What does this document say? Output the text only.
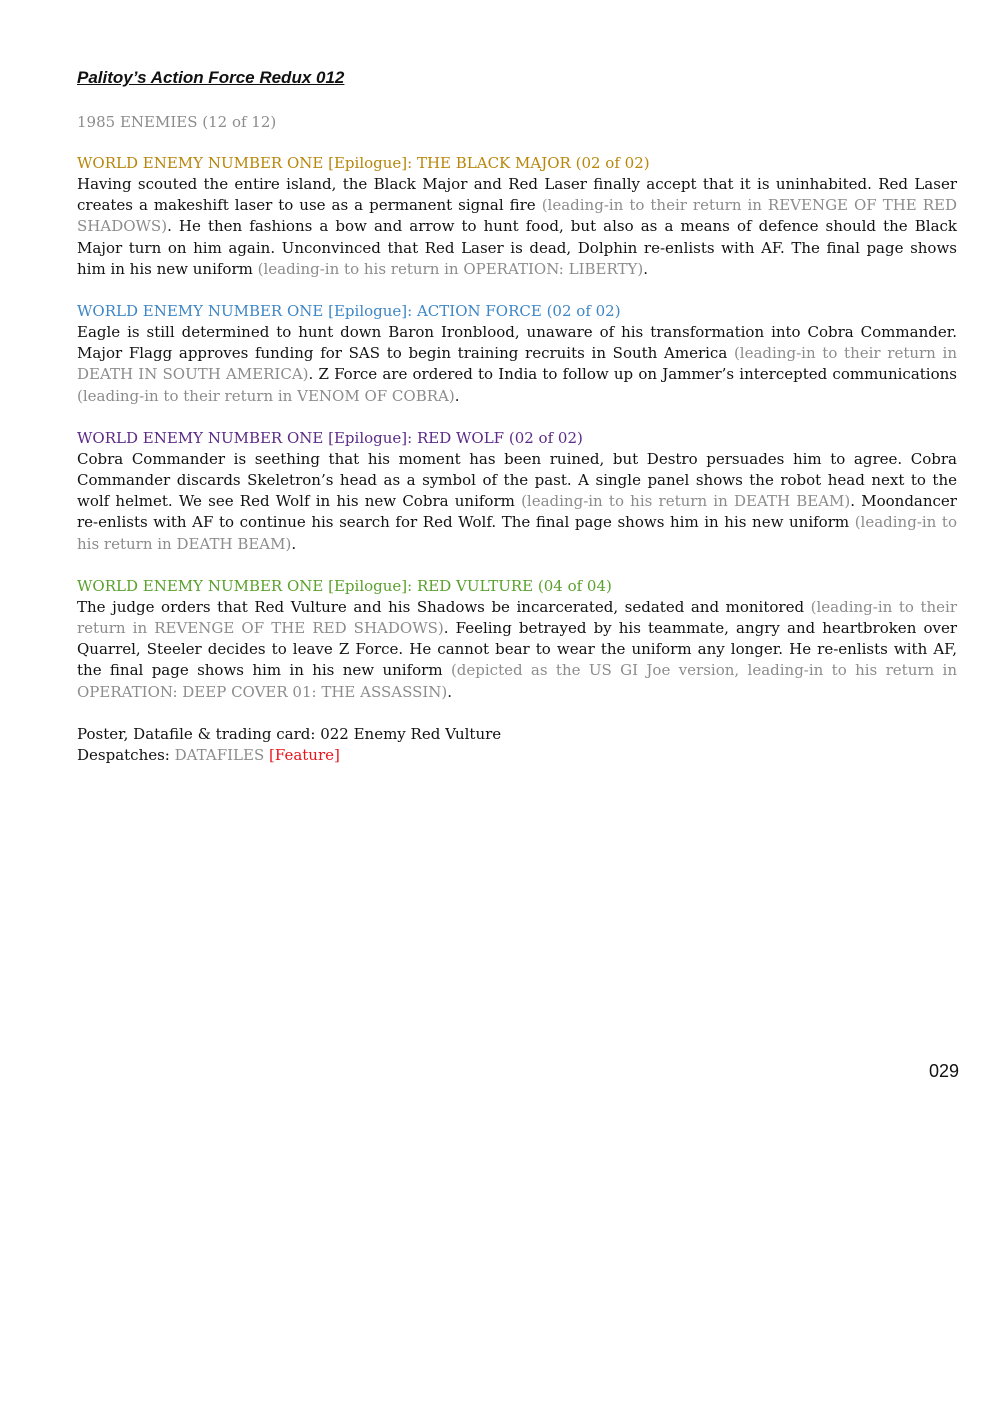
Palitoy’s Action Force Redux 012
1985 ENEMIES (12 of 12)
WORLD ENEMY NUMBER ONE [Epilogue]: THE BLACK MAJOR (02 of 02)

Having scouted the entire island, the Black Major and Red Laser finally accept that it is uninhabited. Red Laser creates a makeshift laser to use as a permanent signal fire (leading-in to their return in REVENGE OF THE RED SHADOWS). He then fashions a bow and arrow to hunt food, but also as a means of defence should the Black Major turn on him again. Unconvinced that Red Laser is dead, Dolphin re-enlists with AF. The final page shows him in his new uniform (leading-in to his return in OPERATION: LIBERTY).

WORLD ENEMY NUMBER ONE [Epilogue]: ACTION FORCE (02 of 02)

Eagle is still determined to hunt down Baron Ironblood, unaware of his transformation into Cobra Commander. Major Flagg approves funding for SAS to begin training recruits in South America (leading-in to their return in DEATH IN SOUTH AMERICA). Z Force are ordered to India to follow up on Jammer’s intercepted communications (leading-in to their return in VENOM OF COBRA).

WORLD ENEMY NUMBER ONE [Epilogue]: RED WOLF (02 of 02)

Cobra Commander is seething that his moment has been ruined, but Destro persuades him to agree. Cobra Commander discards Skeletron’s head as a symbol of the past. A single panel shows the robot head next to the wolf helmet. We see Red Wolf in his new Cobra uniform (leading-in to his return in DEATH BEAM). Moondancer re-enlists with AF to continue his search for Red Wolf. The final page shows him in his new uniform (leading-in to his return in DEATH BEAM).

WORLD ENEMY NUMBER ONE [Epilogue]: RED VULTURE (04 of 04)

The judge orders that Red Vulture and his Shadows be incarcerated, sedated and monitored (leading-in to their return in REVENGE OF THE RED SHADOWS). Feeling betrayed by his teammate, angry and heartbroken over Quarrel, Steeler decides to leave Z Force. He cannot bear to wear the uniform any longer. He re-enlists with AF, the final page shows him in his new uniform (depicted as the US GI Joe version, leading-in to his return in OPERATION: DEEP COVER 01: THE ASSASSIN).

Poster, Datafile & trading card: 022 Enemy Red Vulture

Despatches: DATAFILES [Feature]

029
